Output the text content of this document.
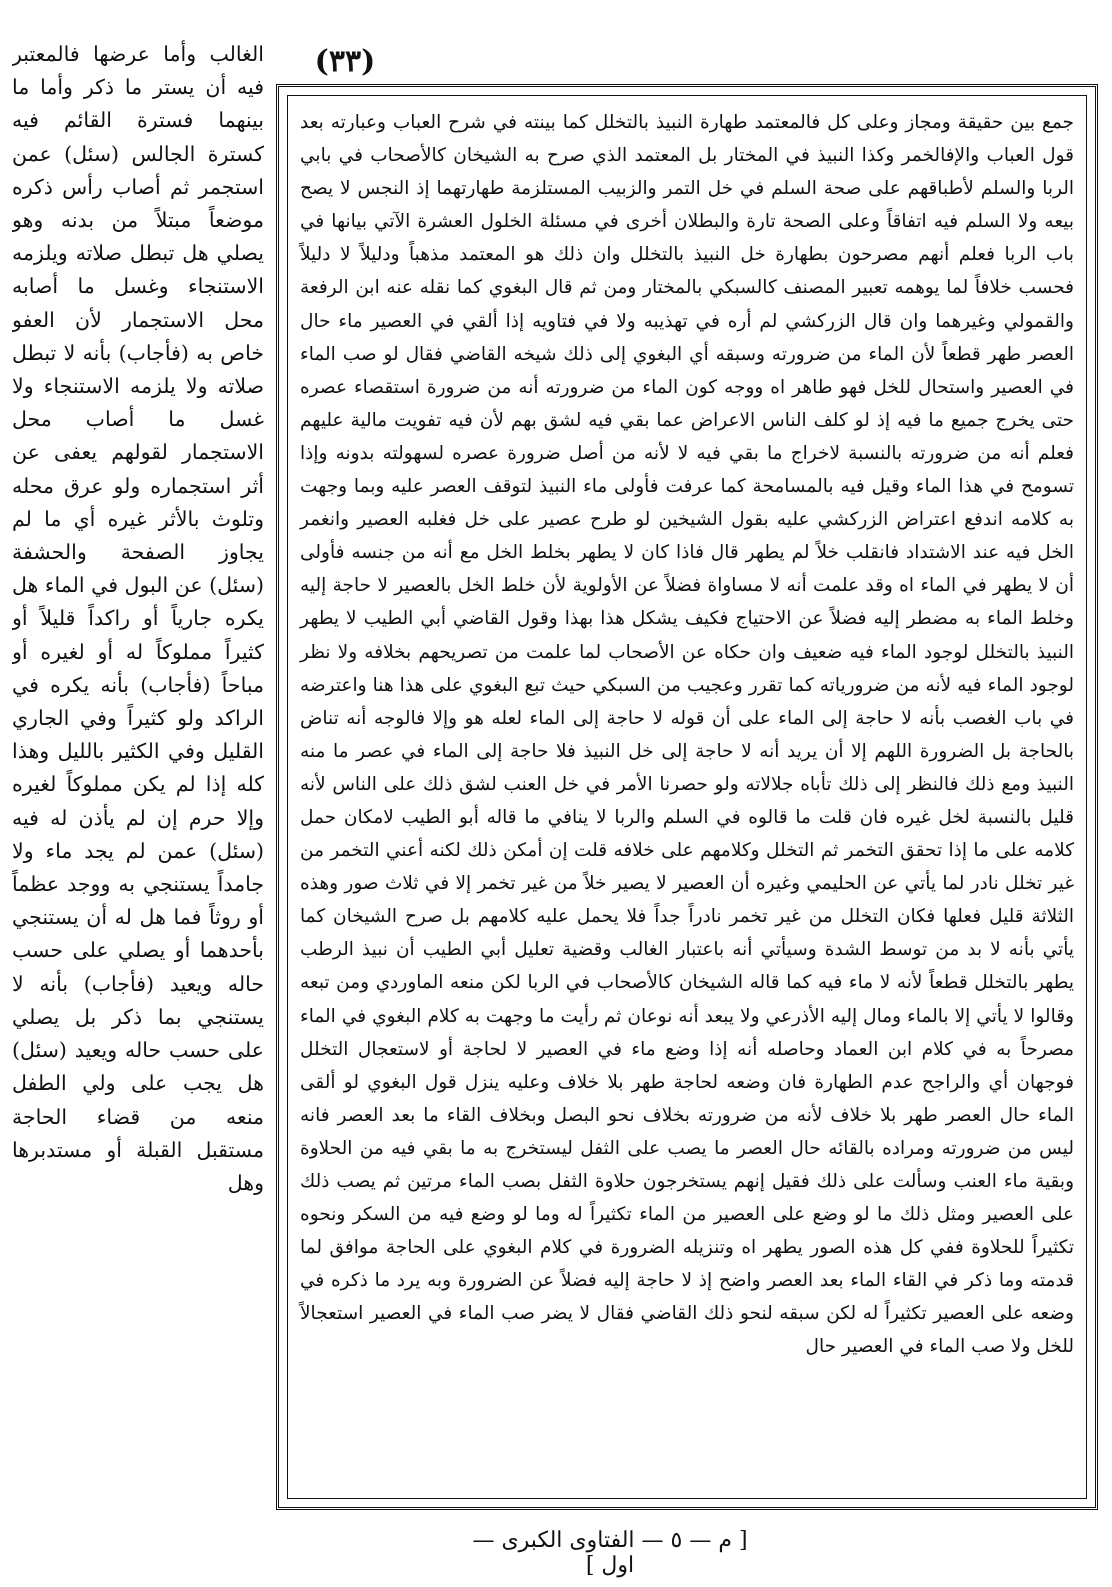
(٣٣)

الغالب وأما عرضها فالمعتبر فيه أن يستر ما ذكر وأما ما بينهما فسترة القائم فيه كسترة الجالس (سئل) عمن استجمر ثم أصاب رأس ذكره موضعاً مبتلاً من بدنه وهو يصلي هل تبطل صلاته ويلزمه الاستنجاء وغسل ما أصابه محل الاستجمار لأن العفو خاص به (فأجاب) بأنه لا تبطل صلاته ولا يلزمه الاستنجاء ولا غسل ما أصاب محل الاستجمار لقولهم يعفى عن أثر استجماره ولو عرق محله وتلوث بالأثر غيره أي ما لم يجاوز الصفحة والحشفة (سئل) عن البول في الماء هل يكره جارياً أو راكداً قليلاً أو كثيراً مملوكاً له أو لغيره أو مباحاً (فأجاب) بأنه يكره في الراكد ولو كثيراً وفي الجاري القليل وفي الكثير بالليل وهذا كله إذا لم يكن مملوكاً لغيره وإلا حرم إن لم يأذن له فيه (سئل) عمن لم يجد ماء ولا جامداً يستنجي به ووجد عظماً أو روثاً فما هل له أن يستنجي بأحدهما أو يصلي على حسب حاله ويعيد (فأجاب) بأنه لا يستنجي بما ذكر بل يصلي على حسب حاله ويعيد (سئل) هل يجب على ولي الطفل منعه من قضاء الحاجة مستقبل القبلة أو مستدبرها وهل

جمع بين حقيقة ومجاز وعلى كل فالمعتمد طهارة النبيذ بالتخلل كما بينته في شرح العباب وعبارته بعد قول العباب والإفالخمر وكذا النبيذ في المختار بل المعتمد الذي صرح به الشيخان كالأصحاب في بابي الربا والسلم لأطباقهم على صحة السلم في خل التمر والزبيب المستلزمة طهارتهما إذ النجس لا يصح بيعه ولا السلم فيه اتفاقاً وعلى الصحة تارة والبطلان أخرى في مسئلة الخلول العشرة الآتي بيانها في باب الربا فعلم أنهم مصرحون بطهارة خل النبيذ بالتخلل وان ذلك هو المعتمد مذهباً ودليلاً لا دليلاً فحسب خلافاً لما يوهمه تعبير المصنف كالسبكي بالمختار ومن ثم قال البغوي كما نقله عنه ابن الرفعة والقمولي وغيرهما وان قال الزركشي لم أره في تهذيبه ولا في فتاويه إذا ألقي في العصير ماء حال العصر طهر قطعاً لأن الماء من ضرورته وسبقه أي البغوي إلى ذلك شيخه القاضي فقال لو صب الماء في العصير واستحال للخل فهو طاهر اه ووجه كون الماء من ضرورته أنه من ضرورة استقصاء عصره حتى يخرج جميع ما فيه إذ لو كلف الناس الاعراض عما بقي فيه لشق بهم لأن فيه تفويت مالية عليهم فعلم أنه من ضرورته بالنسبة لاخراج ما بقي فيه لا لأنه من أصل ضرورة عصره لسهولته بدونه وإذا تسومح في هذا الماء وقيل فيه بالمسامحة كما عرفت فأولى ماء النبيذ لتوقف العصر عليه وبما وجهت به كلامه اندفع اعتراض الزركشي عليه بقول الشيخين لو طرح عصير على خل فغلبه العصير وانغمر الخل فيه عند الاشتداد فانقلب خلاً لم يطهر قال فاذا كان لا يطهر بخلط الخل مع أنه من جنسه فأولى أن لا يطهر في الماء اه وقد علمت أنه لا مساواة فضلاً عن الأولوية لأن خلط الخل بالعصير لا حاجة إليه وخلط الماء به مضطر إليه فضلاً عن الاحتياج فكيف يشكل هذا بهذا وقول القاضي أبي الطيب لا يطهر النبيذ بالتخلل لوجود الماء فيه ضعيف وان حكاه عن الأصحاب لما علمت من تصريحهم بخلافه ولا نظر لوجود الماء فيه لأنه من ضرورياته كما تقرر وعجيب من السبكي حيث تبع البغوي على هذا هنا واعترضه في باب الغصب بأنه لا حاجة إلى الماء على أن قوله لا حاجة إلى الماء لعله هو وإلا فالوجه أنه تناض بالحاجة بل الضرورة اللهم إلا أن يريد أنه لا حاجة إلى خل النبيذ فلا حاجة إلى الماء في عصر ما منه النبيذ ومع ذلك فالنظر إلى ذلك تأباه جلالاته ولو حصرنا الأمر في خل العنب لشق ذلك على الناس لأنه قليل بالنسبة لخل غيره فان قلت ما قالوه في السلم والربا لا ينافي ما قاله أبو الطيب لامكان حمل كلامه على ما إذا تحقق التخمر ثم التخلل وكلامهم على خلافه قلت إن أمكن ذلك لكنه أعني التخمر من غير تخلل نادر لما يأتي عن الحليمي وغيره أن العصير لا يصير خلاً من غير تخمر إلا في ثلاث صور وهذه الثلاثة قليل فعلها فكان التخلل من غير تخمر نادراً جداً فلا يحمل عليه كلامهم بل صرح الشيخان كما يأتي بأنه لا بد من توسط الشدة وسيأتي أنه باعتبار الغالب وقضية تعليل أبي الطيب أن نبيذ الرطب يطهر بالتخلل قطعاً لأنه لا ماء فيه كما قاله الشيخان كالأصحاب في الربا لكن منعه الماوردي ومن تبعه وقالوا لا يأتي إلا بالماء ومال إليه الأذرعي ولا يبعد أنه نوعان ثم رأيت ما وجهت به كلام البغوي في الماء مصرحاً به في كلام ابن العماد وحاصله أنه إذا وضع ماء في العصير لا لحاجة أو لاستعجال التخلل فوجهان أي والراجح عدم الطهارة فان وضعه لحاجة طهر بلا خلاف وعليه ينزل قول البغوي لو ألقى الماء حال العصر طهر بلا خلاف لأنه من ضرورته بخلاف نحو البصل وبخلاف القاء ما بعد العصر فانه ليس من ضرورته ومراده بالقائه حال العصر ما يصب على الثفل ليستخرج به ما بقي فيه من الحلاوة وبقية ماء العنب وسألت على ذلك فقيل إنهم يستخرجون حلاوة الثفل بصب الماء مرتين ثم يصب ذلك على العصير ومثل ذلك ما لو وضع على العصير من الماء تكثيراً له وما لو وضع فيه من السكر ونحوه تكثيراً للحلاوة ففي كل هذه الصور يطهر اه وتنزيله الضرورة في كلام البغوي على الحاجة موافق لما قدمته وما ذكر في القاء الماء بعد العصر واضح إذ لا حاجة إليه فضلاً عن الضرورة وبه يرد ما ذكره في وضعه على العصير تكثيراً له لكن سبقه لنحو ذلك القاضي فقال لا يضر صب الماء في العصير استعجالاً للخل ولا صب الماء في العصير حال

[ م — ٥ — الفتاوى الكبرى — اول ]
